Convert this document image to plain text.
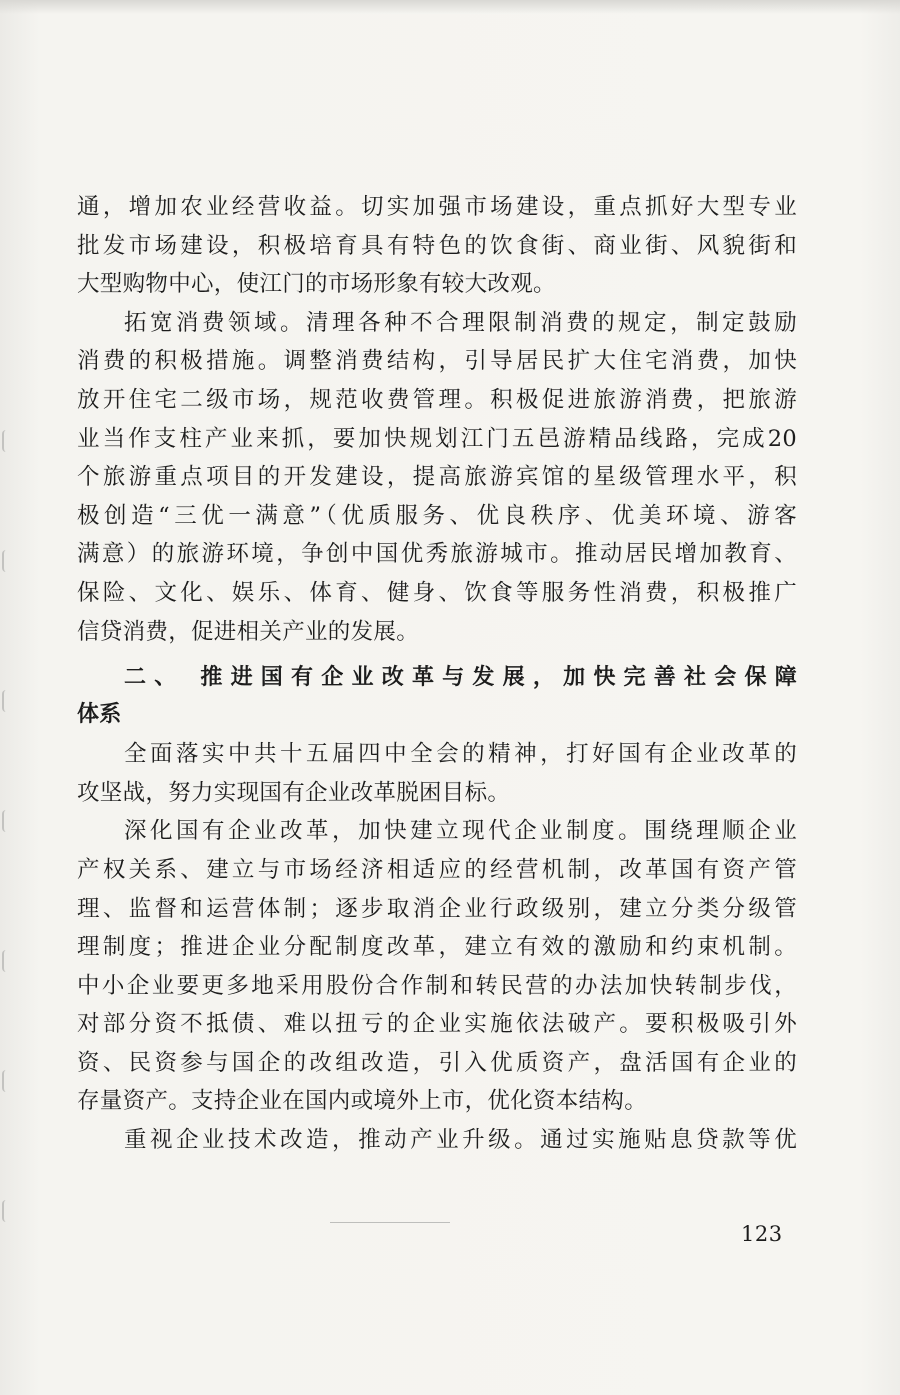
通，增加农业经营收益。切实加强市场建设，重点抓好大型专业
批发市场建设，积极培育具有特色的饮食街、商业街、风貌街和
大型购物中心，使江门的市场形象有较大改观。
拓宽消费领域。清理各种不合理限制消费的规定，制定鼓励
消费的积极措施。调整消费结构，引导居民扩大住宅消费，加快
放开住宅二级市场，规范收费管理。积极促进旅游消费，把旅游
业当作支柱产业来抓，要加快规划江门五邑游精品线路，完成20
个旅游重点项目的开发建设，提高旅游宾馆的星级管理水平，积
极创造“三优一满意”（优质服务、优良秩序、优美环境、游客
满意）的旅游环境，争创中国优秀旅游城市。推动居民增加教育、
保险、文化、娱乐、体育、健身、饮食等服务性消费，积极推广
信贷消费，促进相关产业的发展。
二、 推进国有企业改革与发展，加快完善社会保障
体系
全面落实中共十五届四中全会的精神，打好国有企业改革的
攻坚战，努力实现国有企业改革脱困目标。
深化国有企业改革，加快建立现代企业制度。围绕理顺企业
产权关系、建立与市场经济相适应的经营机制，改革国有资产管
理、监督和运营体制；逐步取消企业行政级别，建立分类分级管
理制度；推进企业分配制度改革，建立有效的激励和约束机制。
中小企业要更多地采用股份合作制和转民营的办法加快转制步伐，
对部分资不抵债、难以扭亏的企业实施依法破产。要积极吸引外
资、民资参与国企的改组改造，引入优质资产，盘活国有企业的
存量资产。支持企业在国内或境外上市，优化资本结构。
重视企业技术改造，推动产业升级。通过实施贴息贷款等优
123
